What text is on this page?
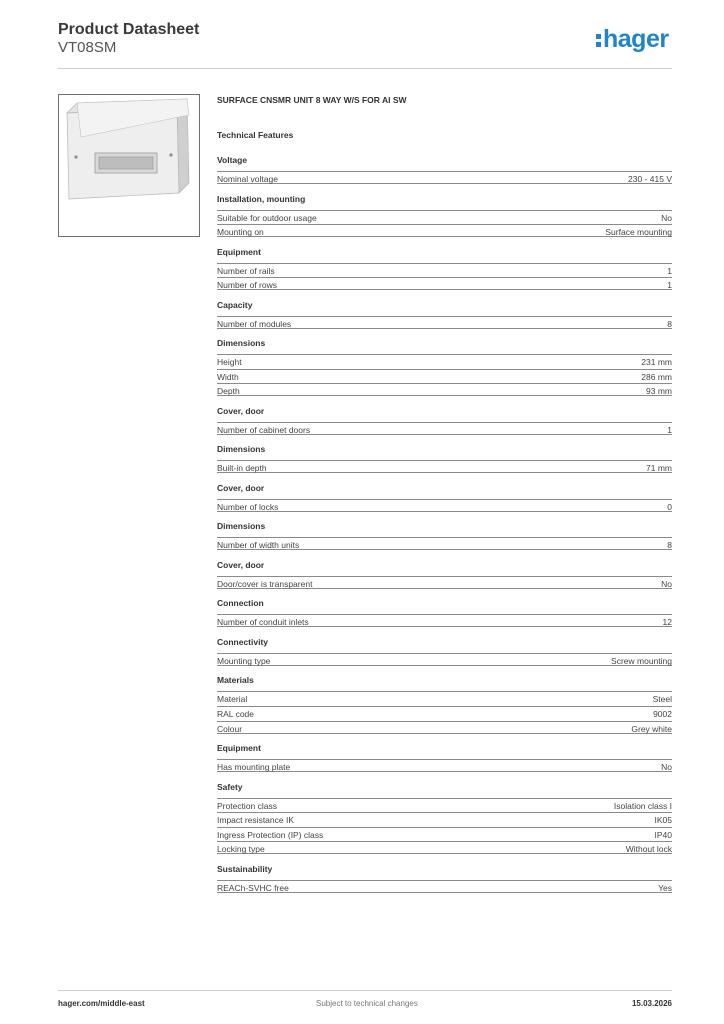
Product Datasheet
VT08SM	hager
SURFACE CNSMR UNIT 8 WAY W/S FOR AI SW
Technical Features
Voltage
Nominal voltage	230 - 415 V
Installation, mounting
Suitable for outdoor usage	No
Mounting on	Surface mounting
Equipment
Number of rails	1
Number of rows	1
Capacity
Number of modules	8
Dimensions
Height	231 mm
Width	286 mm
Depth	93 mm
Cover, door
Number of cabinet doors	1
Dimensions
Built-in depth	71 mm
Cover, door
Number of locks	0
Dimensions
Number of width units	8
Cover, door
Door/cover is transparent	No
Connection
Number of conduit inlets	12
Connectivity
Mounting type	Screw mounting
Materials
Material	Steel
RAL code	9002
Colour	Grey white
Equipment
Has mounting plate	No
Safety
Protection class	Isolation class I
Impact resistance IK	IK05
Ingress Protection (IP) class	IP40
Locking type	Without lock
Sustainability
REACh-SVHC free	Yes
hager.com/middle-east	Subject to technical changes	15.03.2026
